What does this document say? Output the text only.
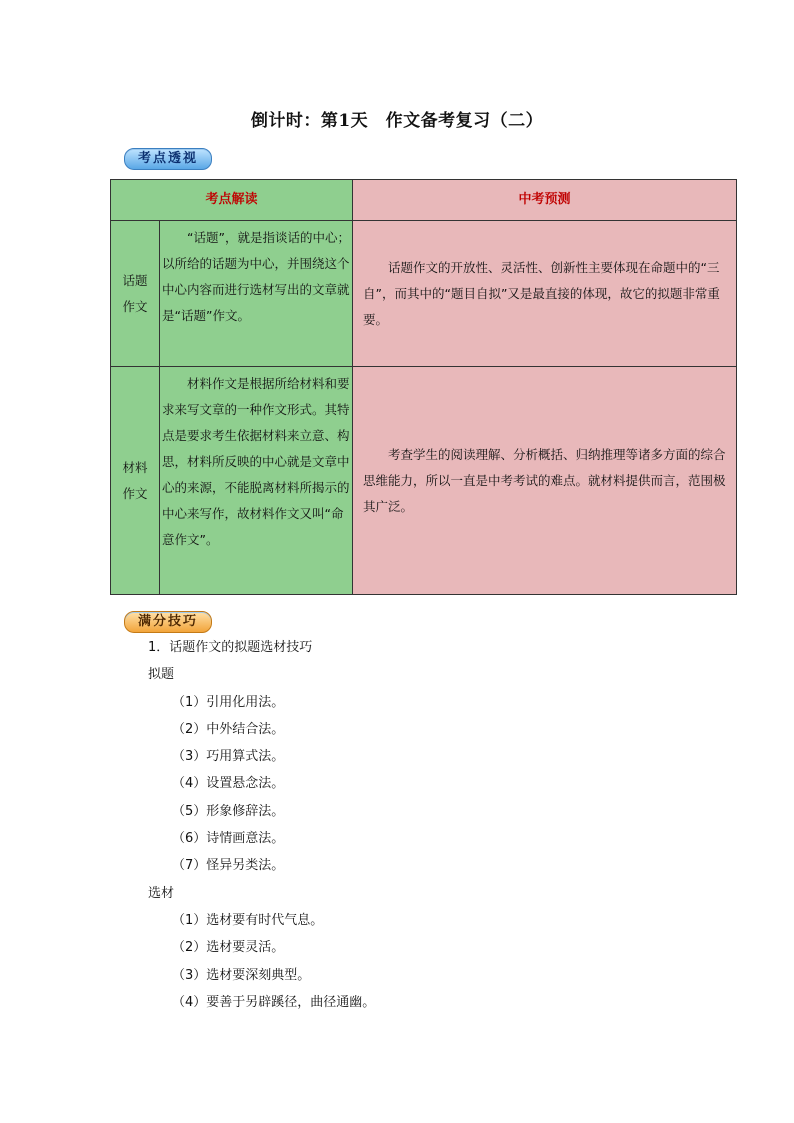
倒计时：第1天　作文备考复习（二）
考点透视
考点解读		中考预测

话题
作文	“话题”，就是指谈话的中心；以所给的话题为中心，并围绕这个中心内容而进行选材写出的文章就是“话题”作文。	话题作文的开放性、灵活性、创新性主要体现在命题中的“三自”，而其中的“题目自拟”又是最直接的体现，故它的拟题非常重要。

材料
作文	材料作文是根据所给材料和要求来写文章的一种作文形式。其特点是要求考生依据材料来立意、构思，材料所反映的中心就是文章中心的来源，不能脱离材料所揭示的中心来写作，故材料作文又叫“命意作文”。	考查学生的阅读理解、分析概括、归纳推理等诸多方面的综合思维能力，所以一直是中考考试的难点。就材料提供而言，范围极其广泛。
满分技巧
1．话题作文的拟题选材技巧
拟题
（1）引用化用法。
（2）中外结合法。
（3）巧用算式法。
（4）设置悬念法。
（5）形象修辞法。
（6）诗情画意法。
（7）怪异另类法。
选材
（1）选材要有时代气息。
（2）选材要灵活。
（3）选材要深刻典型。
（4）要善于另辟蹊径，曲径通幽。
